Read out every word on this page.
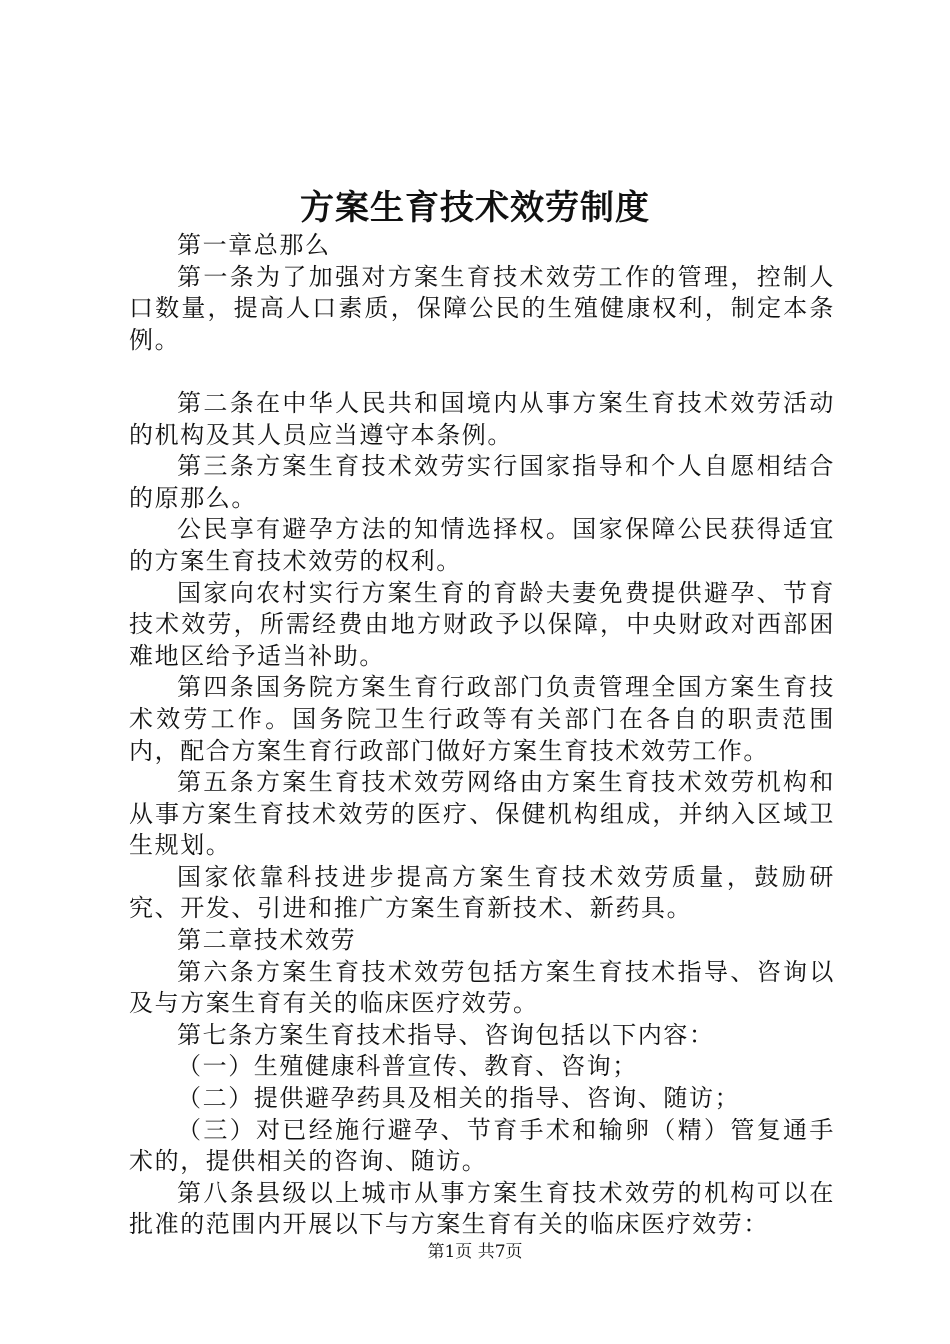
方案生育技术效劳制度

第一章总那么

第一条为了加强对方案生育技术效劳工作的管理，控制人口数量，提高人口素质，保障公民的生殖健康权利，制定本条例。

第二条在中华人民共和国境内从事方案生育技术效劳活动的机构及其人员应当遵守本条例。

第三条方案生育技术效劳实行国家指导和个人自愿相结合的原那么。

公民享有避孕方法的知情选择权。国家保障公民获得适宜的方案生育技术效劳的权利。

国家向农村实行方案生育的育龄夫妻免费提供避孕、节育技术效劳，所需经费由地方财政予以保障，中央财政对西部困难地区给予适当补助。

第四条国务院方案生育行政部门负责管理全国方案生育技术效劳工作。国务院卫生行政等有关部门在各自的职责范围内，配合方案生育行政部门做好方案生育技术效劳工作。

第五条方案生育技术效劳网络由方案生育技术效劳机构和从事方案生育技术效劳的医疗、保健机构组成，并纳入区域卫生规划。

国家依靠科技进步提高方案生育技术效劳质量，鼓励研究、开发、引进和推广方案生育新技术、新药具。

第二章技术效劳

第六条方案生育技术效劳包括方案生育技术指导、咨询以及与方案生育有关的临床医疗效劳。

第七条方案生育技术指导、咨询包括以下内容：

（一）生殖健康科普宣传、教育、咨询；

（二）提供避孕药具及相关的指导、咨询、随访；

（三）对已经施行避孕、节育手术和输卵（精）管复通手术的，提供相关的咨询、随访。

第八条县级以上城市从事方案生育技术效劳的机构可以在批准的范围内开展以下与方案生育有关的临床医疗效劳：

第1页 共7页
